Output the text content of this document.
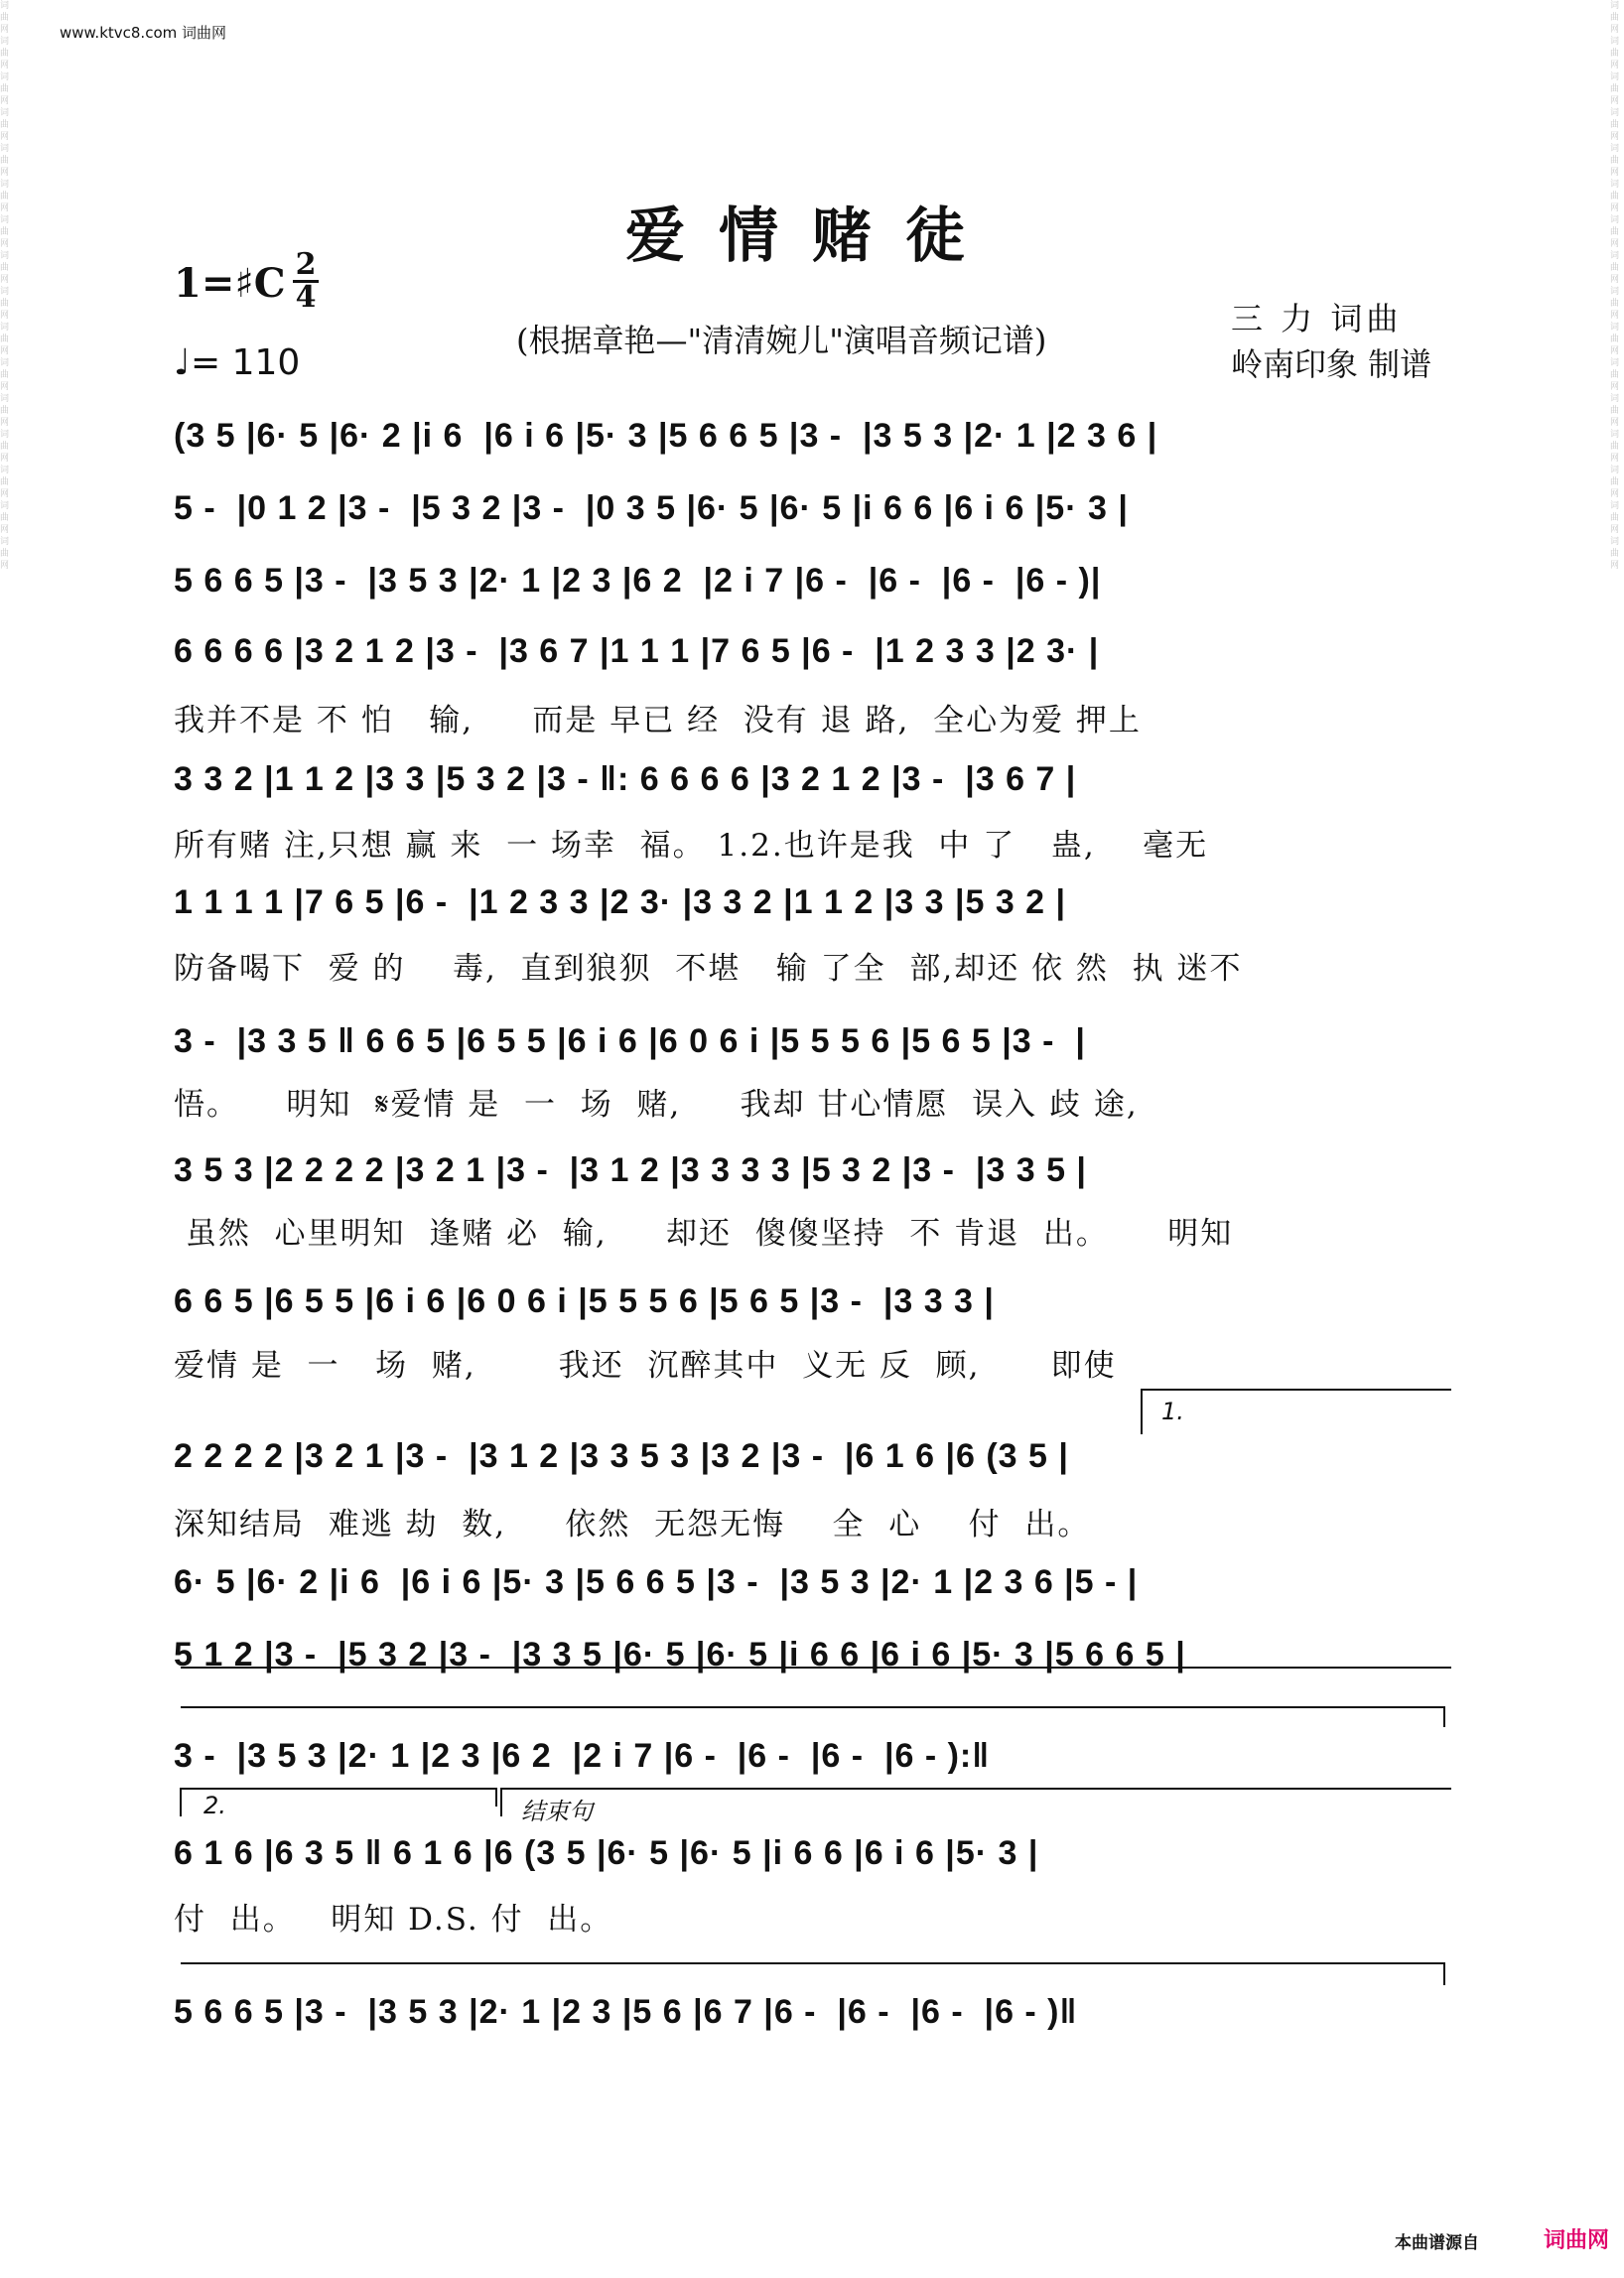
词曲网词曲网词曲网词曲网词曲网词曲网词曲网词曲网词曲网词曲网词曲网词曲网词曲网词曲网词曲网词曲网
词曲网词曲网词曲网词曲网词曲网词曲网词曲网词曲网词曲网词曲网词曲网词曲网词曲网词曲网词曲网词曲网
www.ktvc8.com 词曲网
爱情赌徒
1=♯C 2
4
♩= 110
(根据章艳—"清清婉儿"演唱音频记谱)
三 力 词曲
岭南印象 制谱
(3 5 |6· 5 |6· 2 |i 6  |6 i 6 |5· 3 |5 6 6 5 |3 -  |3 5 3 |2· 1 |2 3 6 |
5 -  |0 1 2 |3 -  |5 3 2 |3 -  |0 3 5 |6· 5 |6· 5 |i 6 6 |6 i 6 |5· 3 |
5 6 6 5 |3 -  |3 5 3 |2· 1 |2 3 |6 2  |2 i 7 |6 -  |6 -  |6 -  |6 - )|
6 6 6 6 |3 2 1 2 |3 -  |3 6 7 |1 1 1 |7 6 5 |6 -  |1 2 3 3 |2 3· |
我并不是 不 怕   输,     而是 早已 经  没有 退 路,  全心为爱 押上
3 3 2 |1 1 2 |3 3 |5 3 2 |3 - ‖: 6 6 6 6 |3 2 1 2 |3 -  |3 6 7 |
所有赌 注,只想 赢 来  一 场幸  福。 1.2.也许是我  中 了   蛊,    毫无
1 1 1 1 |7 6 5 |6 -  |1 2 3 3 |2 3· |3 3 2 |1 1 2 |3 3 |5 3 2 |
防备喝下  爱 的    毒,  直到狼狈  不堪   输 了全  部,却还 依 然  执 迷不
3 -  |3 3 5 ‖ 6 6 5 |6 5 5 |6 i 6 |6 0 6 i |5 5 5 6 |5 6 5 |3 -  |
悟。    明知  𝄋爱情 是  一  场  赌,     我却 甘心情愿  误入 歧 途,
3 5 3 |2 2 2 2 |3 2 1 |3 -  |3 1 2 |3 3 3 3 |5 3 2 |3 -  |3 3 5 |
虽然  心里明知  逢赌 必  输,     却还  傻傻坚持  不 肯退  出。     明知
6 6 5 |6 5 5 |6 i 6 |6 0 6 i |5 5 5 6 |5 6 5 |3 -  |3 3 3 |
爱情 是  一   场  赌,       我还  沉醉其中  义无 反  顾,      即使
1.
2 2 2 2 |3 2 1 |3 -  |3 1 2 |3 3 5 3 |3 2 |3 -  |6 1 6 |6 (3 5 |
深知结局  难逃 劫  数,     依然  无怨无悔    全  心    付  出。
6· 5 |6· 2 |i 6  |6 i 6 |5· 3 |5 6 6 5 |3 -  |3 5 3 |2· 1 |2 3 6 |5 - |
5 1 2 |3 -  |5 3 2 |3 -  |3 3 5 |6· 5 |6· 5 |i 6 6 |6 i 6 |5· 3 |5 6 6 5 |
3 -  |3 5 3 |2· 1 |2 3 |6 2  |2 i 7 |6 -  |6 -  |6 -  |6 - ):‖
2.	结束句
6 1 6 |6 3 5 ‖ 6 1 6 |6 (3 5 |6· 5 |6· 5 |i 6 6 |6 i 6 |5· 3 |
付  出。   明知 D.S. 付  出。
5 6 6 5 |3 -  |3 5 3 |2· 1 |2 3 |5 6 |6 7 |6 -  |6 -  |6 -  |6 - )‖
本曲谱源自	词曲网
